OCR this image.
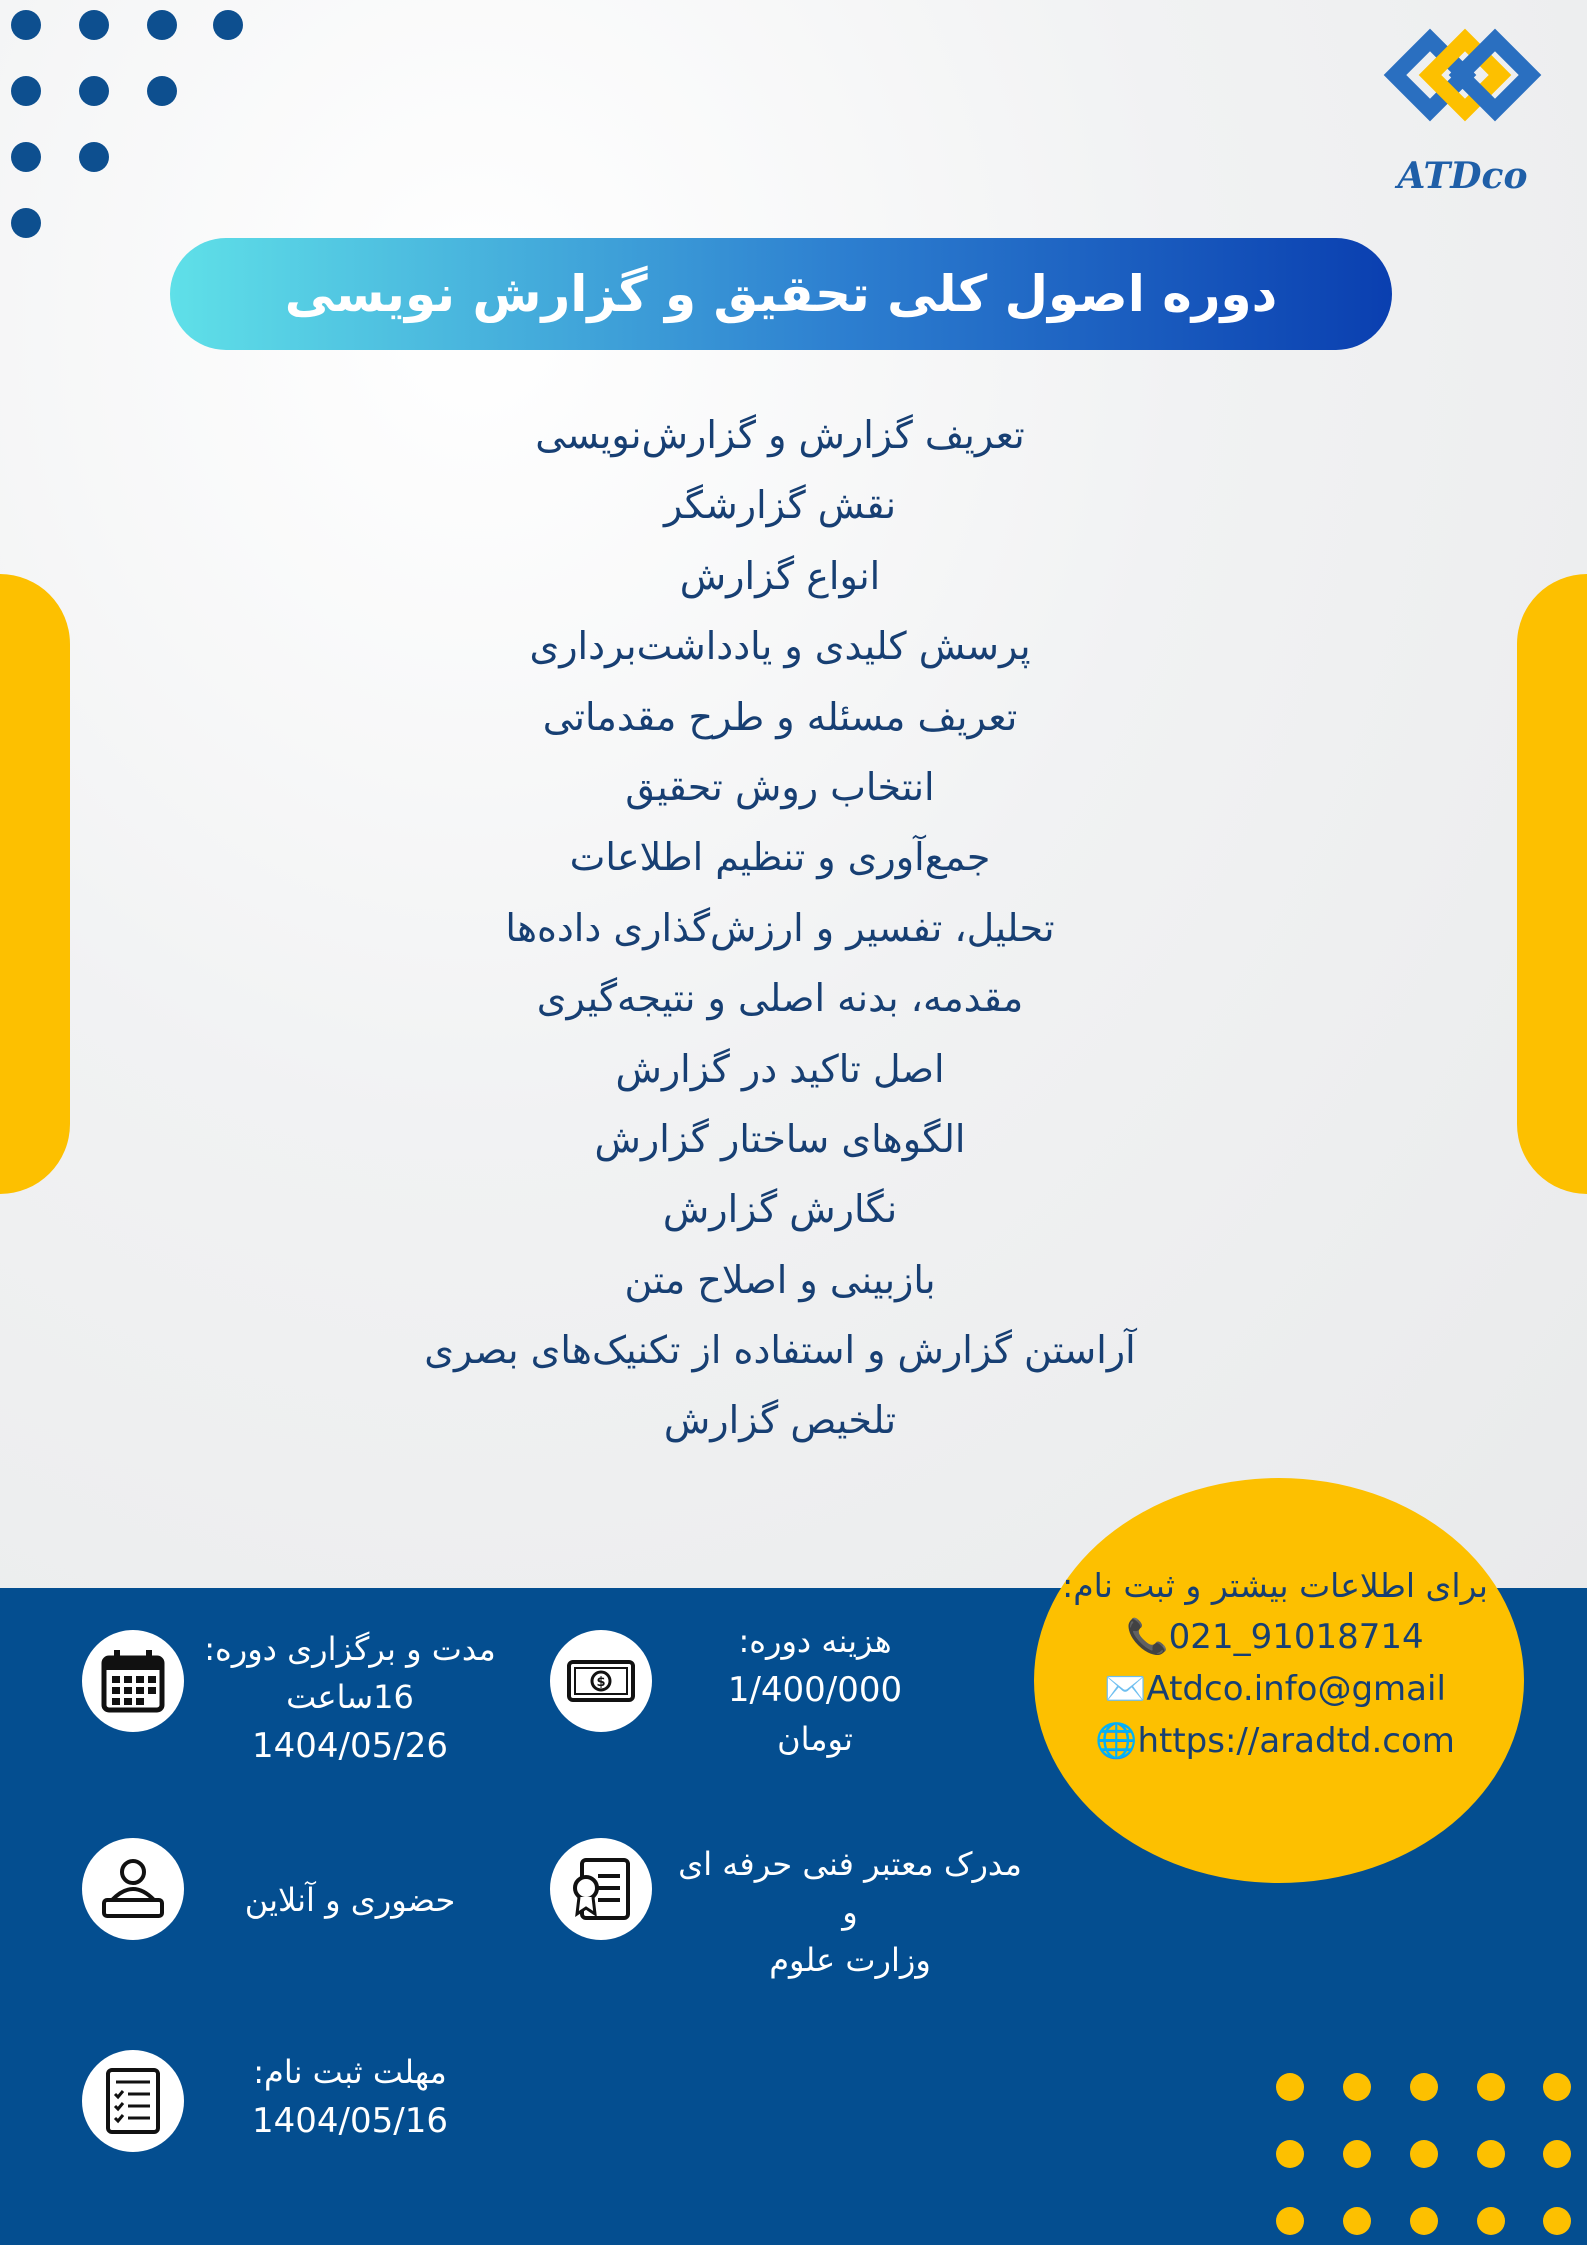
ATDco
دوره اصول کلی تحقیق و گزارش نویسی
تعریف گزارش و گزارش‌نویسی
نقش گزارشگر
انواع گزارش
پرسش کلیدی و یادداشت‌برداری
تعریف مسئله و طرح مقدماتی
انتخاب روش تحقیق
جمع‌آوری و تنظیم اطلاعات
تحلیل، تفسیر و ارزش‌گذاری داده‌ها
مقدمه، بدنه اصلی و نتیجه‌گیری
اصل تاکید در گزارش
الگوهای ساختار گزارش
نگارش گزارش
بازبینی و اصلاح متن
آراستن گزارش و استفاده از تکنیک‌های بصری
تلخیص گزارش
برای اطلاعات بیشتر و ثبت نام:
📞021_91018714
✉️Atdco.info@gmail
🌐https://aradtd.com
مدت و برگزاری دوره:
16ساعت
1404/05/26
$
هزینه دوره:
1/400/000
تومان
حضوری و آنلاین
مدرک معتبر فنی حرفه ای و
وزارت علوم
مهلت ثبت نام:
1404/05/16
